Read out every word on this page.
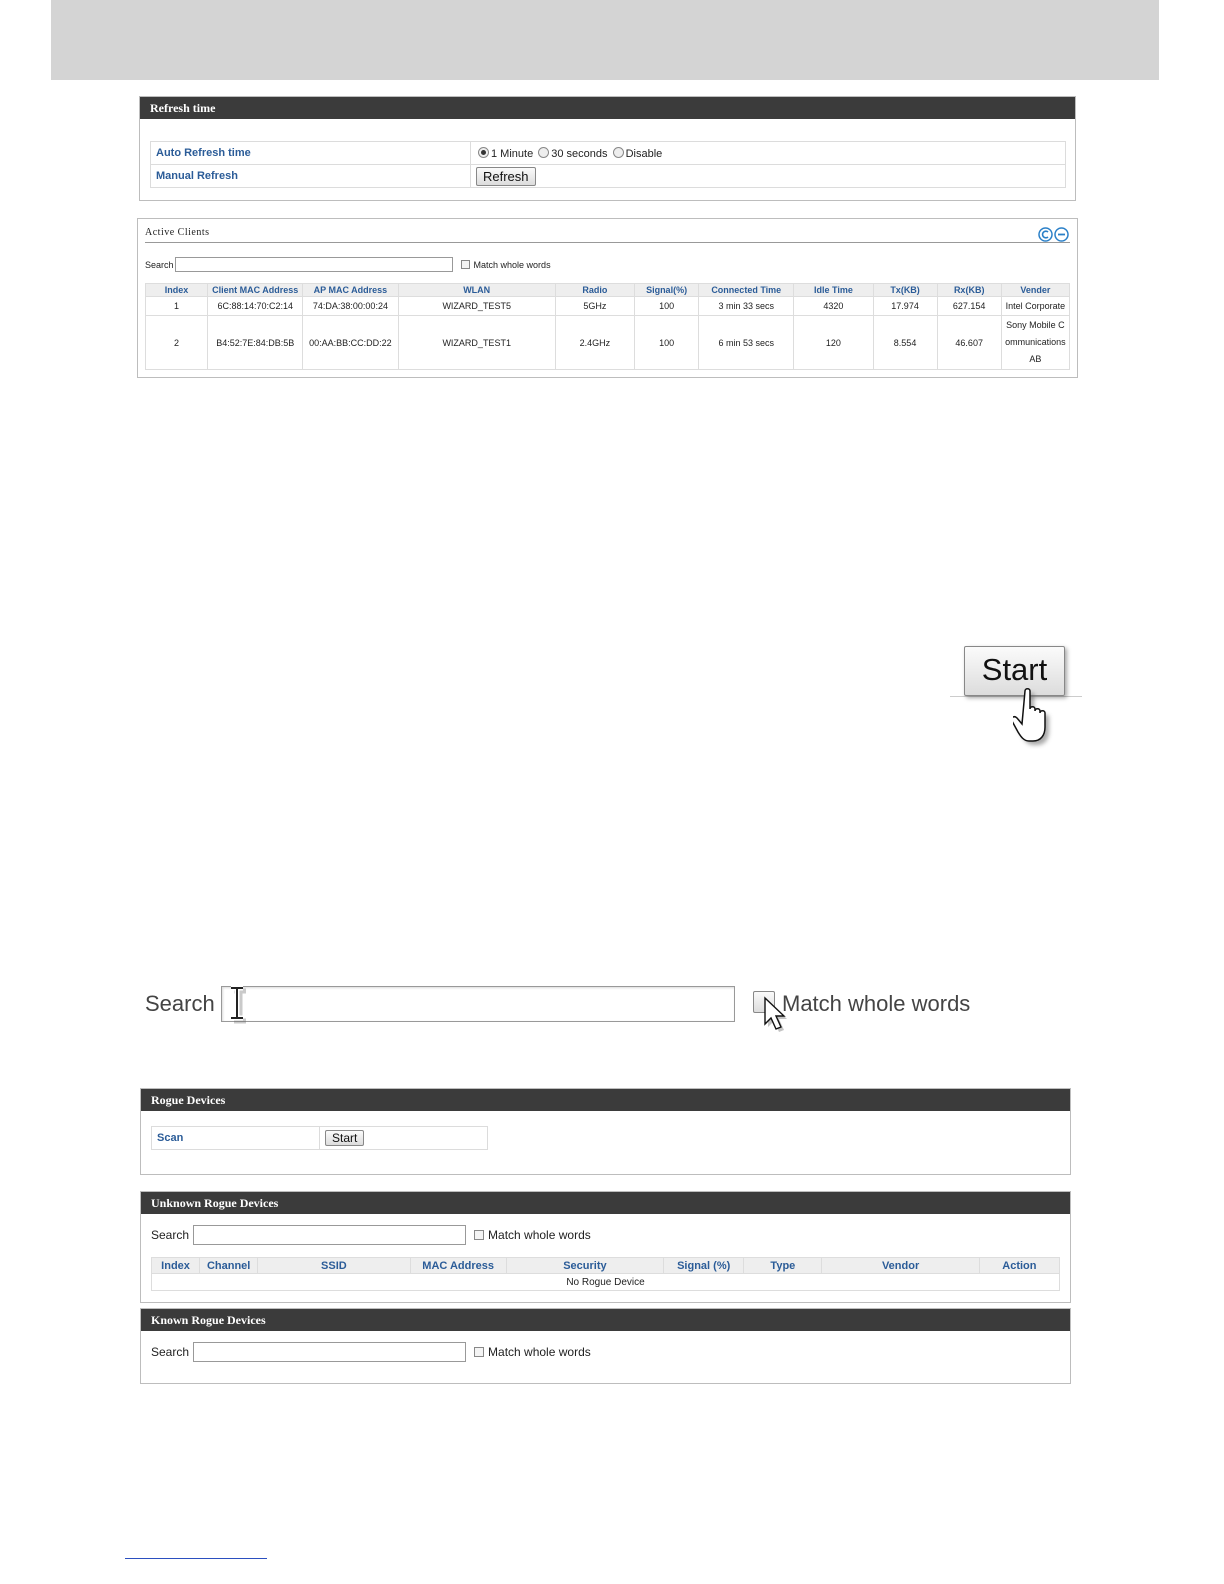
Refresh time
Auto Refresh time	1 Minute 30 seconds Disable
Manual Refresh	Refresh
Active Clients
Search	Match whole words
Index	Client MAC Address	AP MAC Address	WLAN	Radio	Signal(%)	Connected Time	Idle Time	Tx(KB)	Rx(KB)	Vender
1	6C:88:14:70:C2:14	74:DA:38:00:00:24	WIZARD_TEST5	5GHz	100	3 min 33 secs	4320	17.974	627.154	Intel Corporate
2	B4:52:7E:84:DB:5B	00:AA:BB:CC:DD:22	WIZARD_TEST1	2.4GHz	100	6 min 53 secs	120	8.554	46.607	Sony Mobile C ommunications AB
Start
Search	Match whole words
Rogue Devices
Scan	Start
Unknown Rogue Devices
Search	Match whole words
Index	Channel	SSID	MAC Address	Security	Signal (%)	Type	Vendor	Action
No Rogue Device
Known Rogue Devices
Search	Match whole words
